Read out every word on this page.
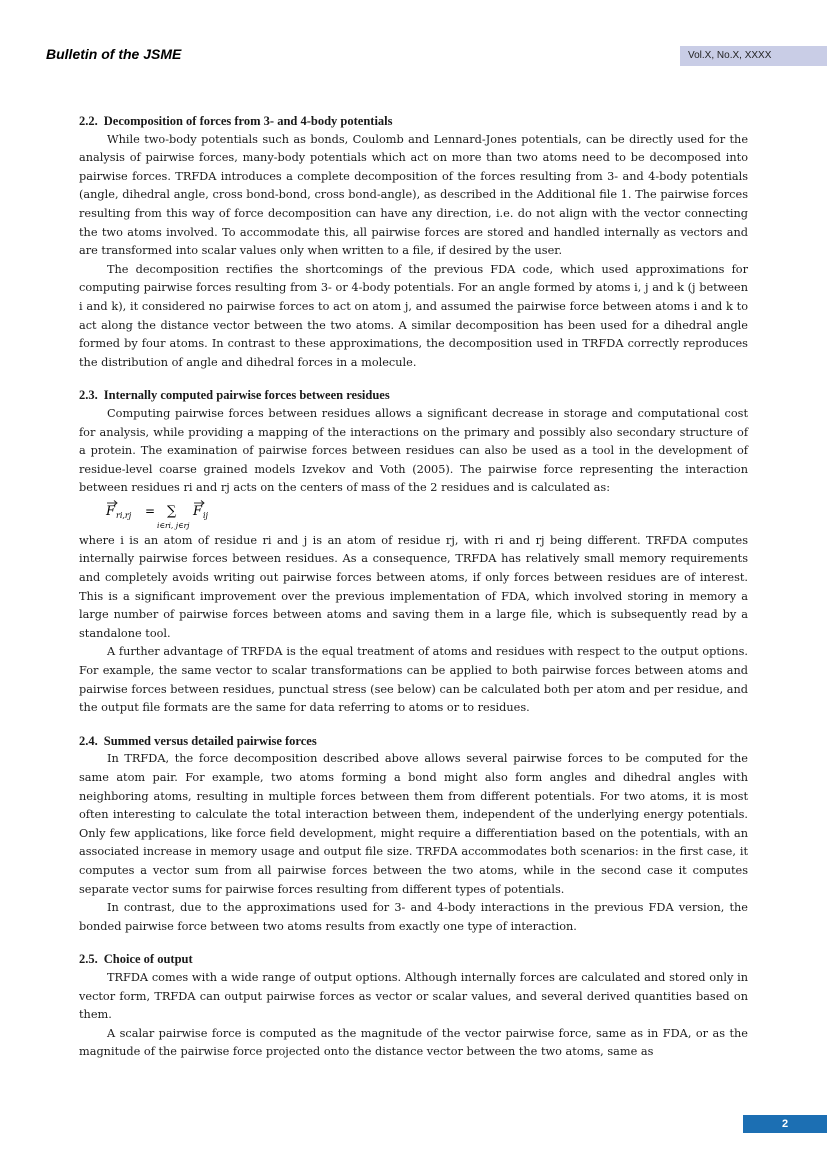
Bulletin of the JSME	Vol.X, No.X, XXXX
2.2. Decomposition of forces from 3- and 4-body potentials

While two-body potentials such as bonds, Coulomb and Lennard-Jones potentials, can be directly used for the analysis of pairwise forces, many-body potentials which act on more than two atoms need to be decomposed into pairwise forces. TRFDA introduces a complete decomposition of the forces resulting from 3- and 4-body potentials (angle, dihedral angle, cross bond-bond, cross bond-angle), as described in the Additional file 1. The pairwise forces resulting from this way of force decomposition can have any direction, i.e. do not align with the vector connecting the two atoms involved. To accommodate this, all pairwise forces are stored and handled internally as vectors and are transformed into scalar values only when written to a file, if desired by the user.

The decomposition rectifies the shortcomings of the previous FDA code, which used approximations for computing pairwise forces resulting from 3- or 4-body potentials. For an angle formed by atoms i, j and k (j between i and k), it considered no pairwise forces to act on atom j, and assumed the pairwise force between atoms i and k to act along the distance vector between the two atoms. A similar decomposition has been used for a dihedral angle formed by four atoms. In contrast to these approximations, the decomposition used in TRFDA correctly reproduces the distribution of angle and dihedral forces in a molecule.

2.3. Internally computed pairwise forces between residues

Computing pairwise forces between residues allows a significant decrease in storage and computational cost for analysis, while providing a mapping of the interactions on the primary and possibly also secondary structure of a protein. The examination of pairwise forces between residues can also be used as a tool in the development of residue-level coarse grained models Izvekov and Voth (2005). The pairwise force representing the interaction between residues ri and rj acts on the centers of mass of the 2 residues and is calculated as:

F ri,rj = ∑
i∈ri, j∈rj
F ij

where i is an atom of residue ri and j is an atom of residue rj, with ri and rj being different. TRFDA computes internally pairwise forces between residues. As a consequence, TRFDA has relatively small memory requirements and completely avoids writing out pairwise forces between atoms, if only forces between residues are of interest. This is a significant improvement over the previous implementation of FDA, which involved storing in memory a large number of pairwise forces between atoms and saving them in a large file, which is subsequently read by a standalone tool.

A further advantage of TRFDA is the equal treatment of atoms and residues with respect to the output options. For example, the same vector to scalar transformations can be applied to both pairwise forces between atoms and pairwise forces between residues, punctual stress (see below) can be calculated both per atom and per residue, and the output file formats are the same for data referring to atoms or to residues.

2.4. Summed versus detailed pairwise forces

In TRFDA, the force decomposition described above allows several pairwise forces to be computed for the same atom pair. For example, two atoms forming a bond might also form angles and dihedral angles with neighboring atoms, resulting in multiple forces between them from different potentials. For two atoms, it is most often interesting to calculate the total interaction between them, independent of the underlying energy potentials. Only few applications, like force field development, might require a differentiation based on the potentials, with an associated increase in memory usage and output file size. TRFDA accommodates both scenarios: in the first case, it computes a vector sum from all pairwise forces between the two atoms, while in the second case it computes separate vector sums for pairwise forces resulting from different types of potentials.

In contrast, due to the approximations used for 3- and 4-body interactions in the previous FDA version, the bonded pairwise force between two atoms results from exactly one type of interaction.

2.5. Choice of output

TRFDA comes with a wide range of output options. Although internally forces are calculated and stored only in vector form, TRFDA can output pairwise forces as vector or scalar values, and several derived quantities based on them.

A scalar pairwise force is computed as the magnitude of the vector pairwise force, same as in FDA, or as the magnitude of the pairwise force projected onto the distance vector between the two atoms, same as

2
